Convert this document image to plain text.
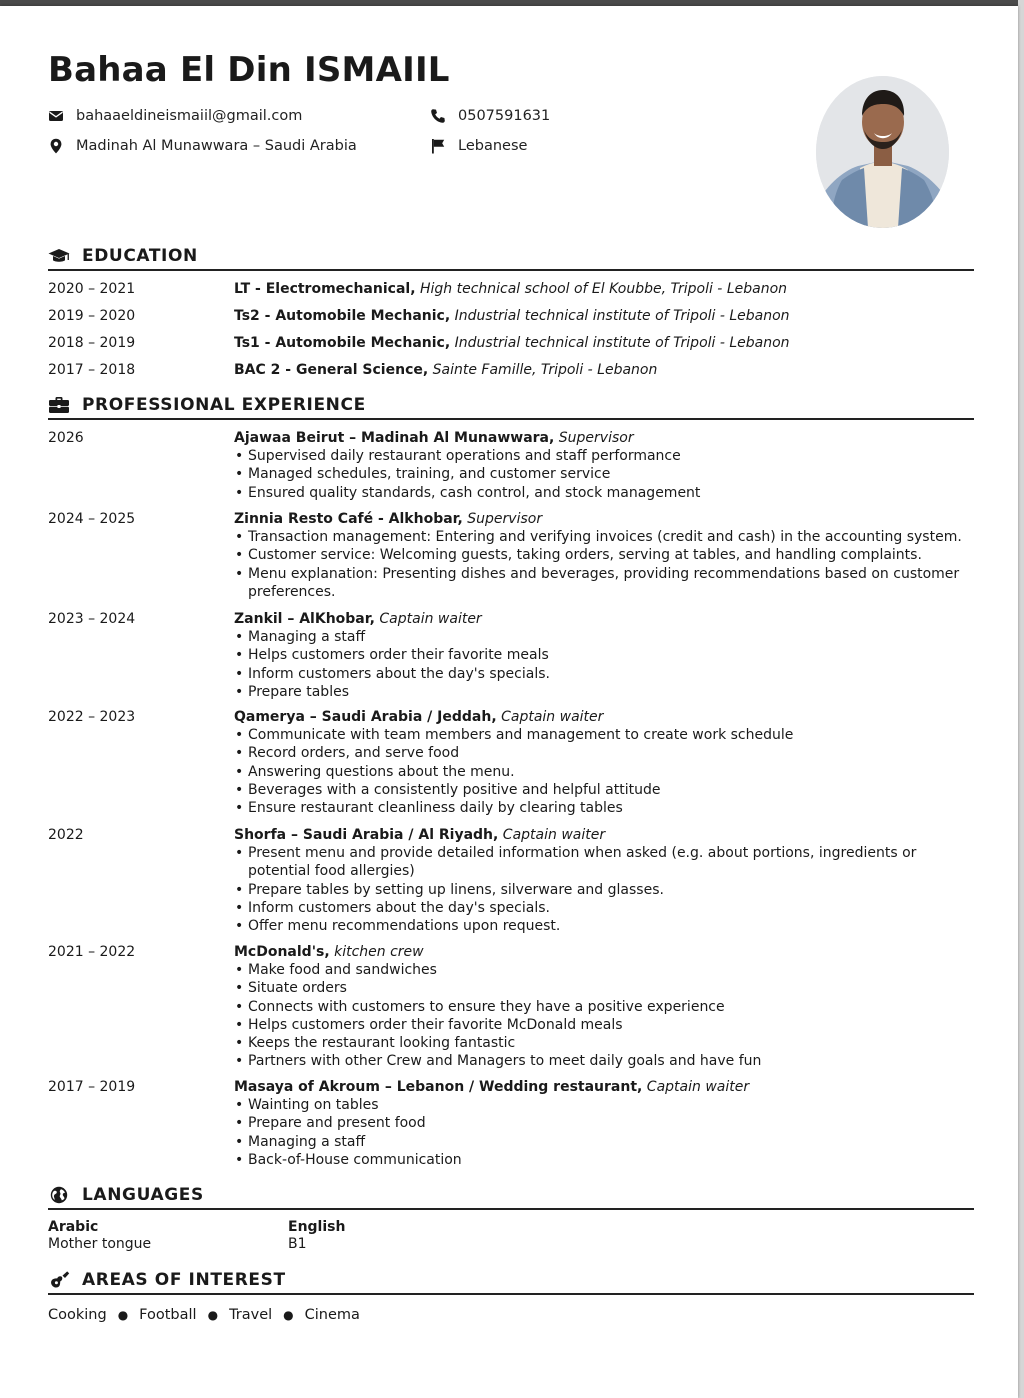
Bahaa El Din ISMAIIL
bahaaeldineismaiil@gmail.com	0507591631
Madinah Al Munawwara – Saudi Arabia	Lebanese
EDUCATION
2020 – 2021	LT - Electromechanical, High technical school of El Koubbe, Tripoli - Lebanon
2019 – 2020	Ts2 - Automobile Mechanic, Industrial technical institute of Tripoli - Lebanon
2018 – 2019	Ts1 - Automobile Mechanic, Industrial technical institute of Tripoli - Lebanon
2017 – 2018	BAC 2 - General Science, Sainte Famille, Tripoli - Lebanon
PROFESSIONAL EXPERIENCE
2026	Ajawaa Beirut – Madinah Al Munawwara, Supervisor
• Supervised daily restaurant operations and staff performance
• Managed schedules, training, and customer service
• Ensured quality standards, cash control, and stock management
2024 – 2025	Zinnia Resto Café - Alkhobar, Supervisor
• Transaction management: Entering and verifying invoices (credit and cash) in the accounting system.
• Customer service: Welcoming guests, taking orders, serving at tables, and handling complaints.
• Menu explanation: Presenting dishes and beverages, providing recommendations based on customer preferences.
2023 – 2024	Zankil – AlKhobar, Captain waiter
• Managing a staff
• Helps customers order their favorite meals
• Inform customers about the day's specials.
• Prepare tables
2022 – 2023	Qamerya – Saudi Arabia / Jeddah, Captain waiter
• Communicate with team members and management to create work schedule
• Record orders, and serve food
• Answering questions about the menu.
• Beverages with a consistently positive and helpful attitude
• Ensure restaurant cleanliness daily by clearing tables
2022	Shorfa – Saudi Arabia / Al Riyadh, Captain waiter
• Present menu and provide detailed information when asked (e.g. about portions, ingredients or potential food allergies)
• Prepare tables by setting up linens, silverware and glasses.
• Inform customers about the day's specials.
• Offer menu recommendations upon request.
2021 – 2022	McDonald's, kitchen crew
• Make food and sandwiches
• Situate orders
• Connects with customers to ensure they have a positive experience
• Helps customers order their favorite McDonald meals
• Keeps the restaurant looking fantastic
• Partners with other Crew and Managers to meet daily goals and have fun
2017 – 2019	Masaya of Akroum – Lebanon / Wedding restaurant, Captain waiter
• Wainting on tables
• Prepare and present food
• Managing a staff
• Back-of-House communication
LANGUAGES
Arabic
Mother tongue
English
B1
AREAS OF INTEREST
Cooking ● Football ● Travel ● Cinema
